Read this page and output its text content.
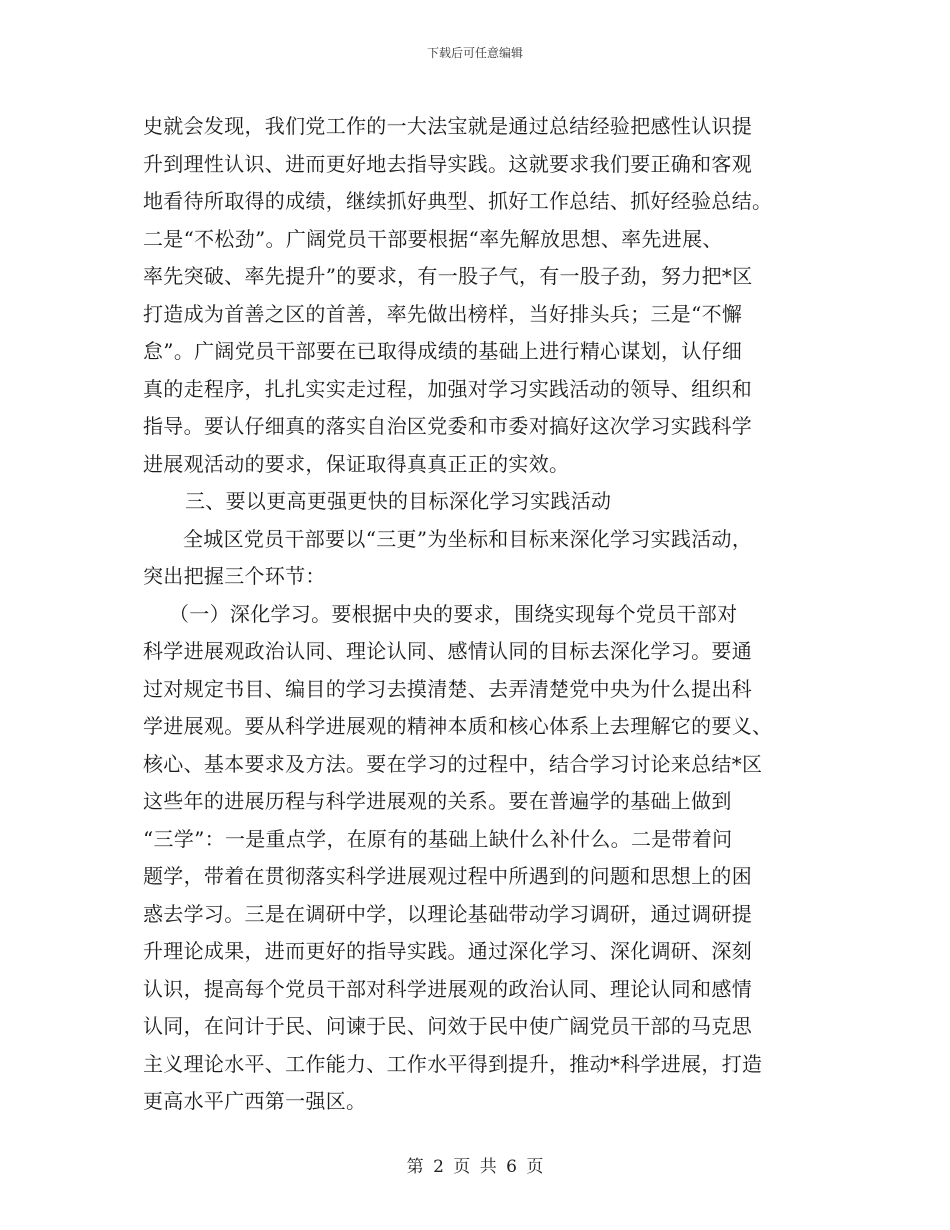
下载后可任意编辑
史就会发现，我们党工作的一大法宝就是通过总结经验把感性认识提
升到理性认识、进而更好地去指导实践。这就要求我们要正确和客观
地看待所取得的成绩，继续抓好典型、抓好工作总结、抓好经验总结。
二是“不松劲”。广阔党员干部要根据“率先解放思想、率先进展、
率先突破、率先提升”的要求，有一股子气，有一股子劲，努力把*区
打造成为首善之区的首善，率先做出榜样，当好排头兵；三是“不懈
怠”。广阔党员干部要在已取得成绩的基础上进行精心谋划，认仔细
真的走程序，扎扎实实走过程，加强对学习实践活动的领导、组织和
指导。要认仔细真的落实自治区党委和市委对搞好这次学习实践科学
进展观活动的要求，保证取得真真正正的实效。
三、要以更高更强更快的目标深化学习实践活动
全城区党员干部要以“三更”为坐标和目标来深化学习实践活动，
突出把握三个环节：
（一）深化学习。要根据中央的要求，围绕实现每个党员干部对
科学进展观政治认同、理论认同、感情认同的目标去深化学习。要通
过对规定书目、编目的学习去摸清楚、去弄清楚党中央为什么提出科
学进展观。要从科学进展观的精神本质和核心体系上去理解它的要义、
核心、基本要求及方法。要在学习的过程中，结合学习讨论来总结*区
这些年的进展历程与科学进展观的关系。要在普遍学的基础上做到
“三学”：一是重点学，在原有的基础上缺什么补什么。二是带着问
题学，带着在贯彻落实科学进展观过程中所遇到的问题和思想上的困
惑去学习。三是在调研中学，以理论基础带动学习调研，通过调研提
升理论成果，进而更好的指导实践。通过深化学习、深化调研、深刻
认识，提高每个党员干部对科学进展观的政治认同、理论认同和感情
认同，在问计于民、问谏于民、问效于民中使广阔党员干部的马克思
主义理论水平、工作能力、工作水平得到提升，推动*科学进展，打造
更高水平广西第一强区。
第 2 页 共 6 页
